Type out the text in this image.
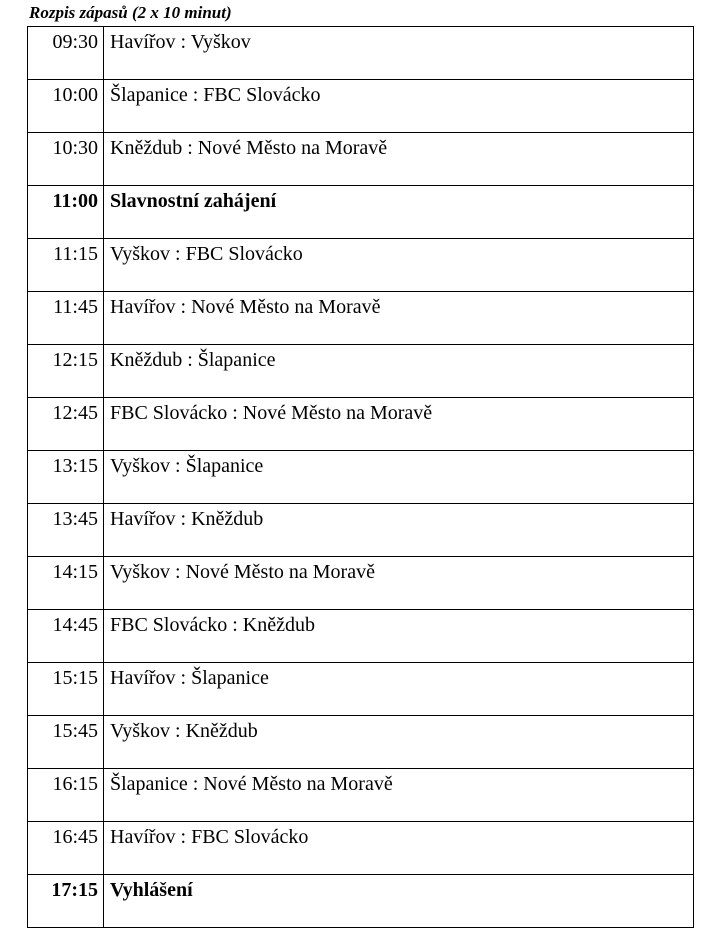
Rozpis zápasů (2 x 10 minut)
09:30	Havířov : Vyškov
10:00	Šlapanice : FBC Slovácko
10:30	Kněždub : Nové Město na Moravě
11:00	Slavnostní zahájení
11:15	Vyškov : FBC Slovácko
11:45	Havířov : Nové Město na Moravě
12:15	Kněždub : Šlapanice
12:45	FBC Slovácko : Nové Město na Moravě
13:15	Vyškov : Šlapanice
13:45	Havířov : Kněždub
14:15	Vyškov : Nové Město na Moravě
14:45	FBC Slovácko : Kněždub
15:15	Havířov : Šlapanice
15:45	Vyškov : Kněždub
16:15	Šlapanice : Nové Město na Moravě
16:45	Havířov : FBC Slovácko
17:15	Vyhlášení
